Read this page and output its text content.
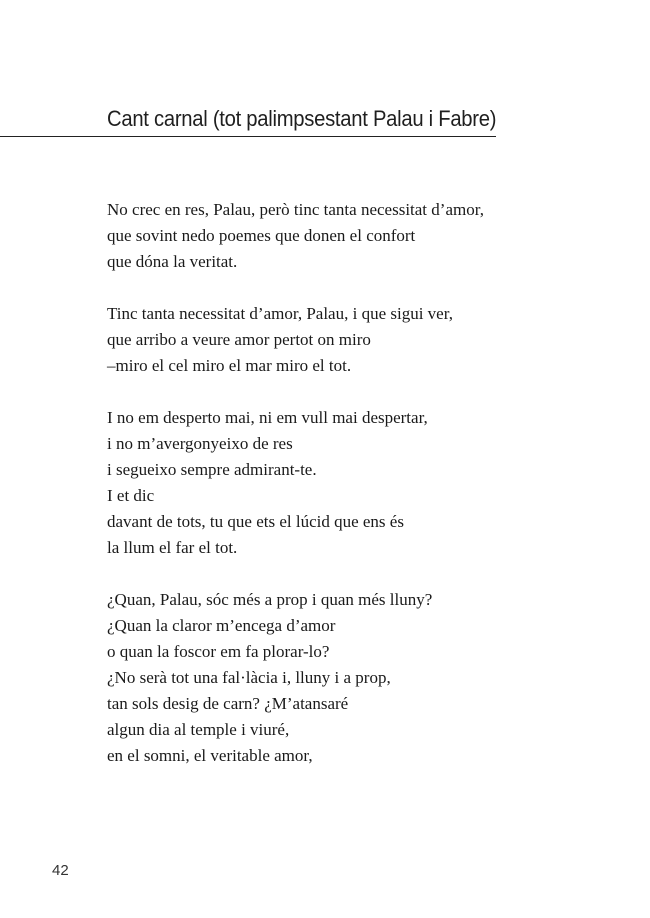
Cant carnal (tot palimpsestant Palau i Fabre)
No crec en res, Palau, però tinc tanta necessitat d’amor,
que sovint nedo poemes que donen el confort
que dóna la veritat.
Tinc tanta necessitat d’amor, Palau, i que sigui ver,
que arribo a veure amor pertot on miro
–miro el cel miro el mar miro el tot.
I no em desperto mai, ni em vull mai despertar,
i no m’avergonyeixo de res
i segueixo sempre admirant-te.
I et dic
davant de tots, tu que ets el lúcid que ens és
la llum el far el tot.
¿Quan, Palau, sóc més a prop i quan més lluny?
¿Quan la claror m’encega d’amor
o quan la foscor em fa plorar-lo?
¿No serà tot una fal·làcia i, lluny i a prop,
tan sols desig de carn? ¿M’atansaré
algun dia al temple i viuré,
en el somni, el veritable amor,
42
